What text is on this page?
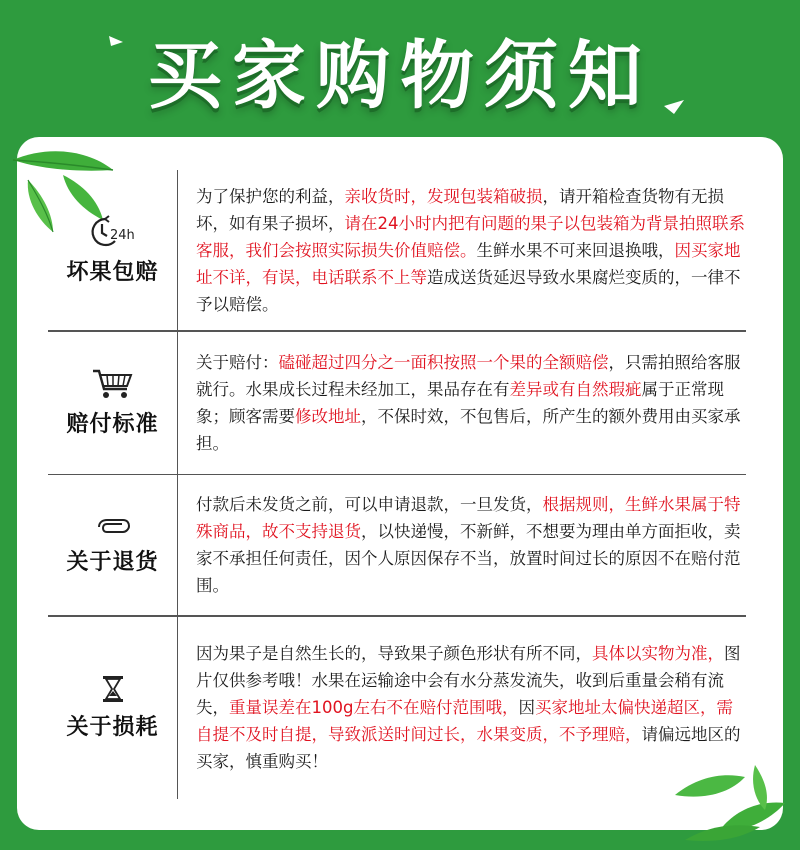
买家购物须知
24h
坏果包赔

为了保护您的利益，亲收货时，发现包装箱破损，请开箱检查货物有无损坏，如有果子损坏，请在24小时内把有问题的果子以包装箱为背景拍照联系客服，我们会按照实际损失价值赔偿。生鲜水果不可来回退换哦，因买家地址不详，有误，电话联系不上等造成送货延迟导致水果腐烂变质的，一律不予以赔偿。

赔付标准

关于赔付：磕碰超过四分之一面积按照一个果的全额赔偿，只需拍照给客服就行。水果成长过程未经加工，果品存在有差异或有自然瑕疵属于正常现象；顾客需要修改地址，不保时效，不包售后，所产生的额外费用由买家承担。

关于退货

付款后未发货之前，可以申请退款，一旦发货，根据规则，生鲜水果属于特殊商品，故不支持退货，以快递慢，不新鲜，不想要为理由单方面拒收，卖家不承担任何责任，因个人原因保存不当，放置时间过长的原因不在赔付范围。

关于损耗

因为果子是自然生长的，导致果子颜色形状有所不同，具体以实物为准，图片仅供参考哦！水果在运输途中会有水分蒸发流失，收到后重量会稍有流失，重量误差在100g左右不在赔付范围哦，因买家地址太偏快递超区，需自提不及时自提，导致派送时间过长，水果变质，不予理赔，请偏远地区的买家，慎重购买！
